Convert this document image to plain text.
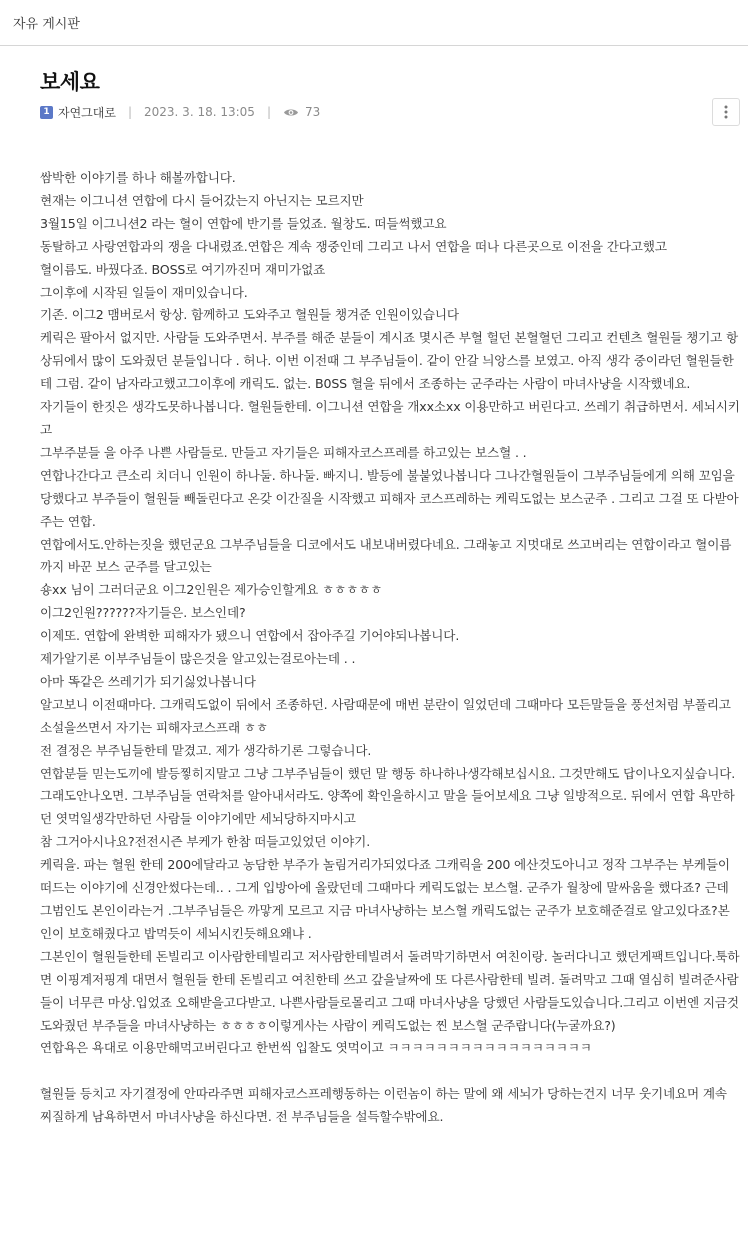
자유 게시판
보세요
1 자연그대로 | 2023. 3. 18. 13:05 |	73

쌈박한 이야기를 하나 해볼까합니다.

현재는 이그니션 연합에 다시 들어갔는지 아닌지는 모르지만

3월15일 이그니션2 라는 혈이 연합에 반기를 들었죠. 월창도. 떠들썩했고요

동탈하고 사랑연합과의 쟁을 다내렸죠.연합은 계속 쟁중인데 그리고 나서 연합을 떠나 다른곳으로 이전을 간다고했고

혈이름도. 바꿨다죠. BOSS로 여기까진머 재미가없죠

그이후에 시작된 일들이 재미있습니다.

기존. 이그2 맴버로서 항상. 함께하고 도와주고 혈원들 챙겨준 인원이있습니다

케릭은 팔아서 없지만. 사람들 도와주면서. 부주를 해준 분들이 계시죠 몇시즌 부혈 헐던 본혈혈던 그리고 컨텐츠 혈원들 챙기고 항상뒤에서 많이 도와줬던 분들입니다 . 허나. 이번 이전때 그 부주님들이. 같이 안갈 늬앙스를 보였고. 아직 생각 중이라던 혈원들한테 그럼. 같이 남자라고했고그이후에 캐릭도. 없는. B0SS 혈을 뒤에서 조종하는 군주라는 사람이 마녀사냥을 시작했네요.

자기들이 한짓은 생각도못하나봅니다. 혈원들한테. 이그니션 연합을 개xx소xx 이용만하고 버린다고. 쓰레기 취급하면서. 세뇌시키고

그부주분들 을 아주 나쁜 사람들로. 만들고 자기들은 피해자코스프레를 하고있는 보스혈 . .

연합나간다고 큰소리 치더니 인원이 하나둘. 하나둘. 빠지니. 발등에 불붙었나봅니다 그나간혈원들이 그부주님들에게 의해 꼬임을 당했다고 부주들이 혈원들 빼돌린다고 온갖 이간질을 시작했고 피해자 코스프레하는 케릭도없는 보스군주 . 그리고 그걸 또 다받아주는 연합.

연합에서도.안하는짓을 했던군요 그부주님들을 디코에서도 내보내버렸다네요. 그래놓고 지멋대로 쓰고버리는 연합이라고 혈이름까지 바꾼 보스 군주를 달고있는

숑xx 님이 그러더군요 이그2인원은 제가승인할게요 ㅎㅎㅎㅎㅎ

이그2인원??????자기들은. 보스인데?

이제또. 연합에 완벽한 피해자가 됐으니 연합에서 잡아주길 기어야되나봅니다.

제가알기론 이부주님들이 많은것을 알고있는걸로아는데 . .

아마 똑같은 쓰레기가 되기싫었나봅니다

알고보니 이전때마다. 그캐릭도없이 뒤에서 조종하던. 사람때문에 매번 분란이 일었던데 그때마다 모든말들을 풍선처럼 부풀리고 소설을쓰면서 자기는 피해자코스프래 ㅎㅎ

전 결정은 부주님들한테 맡겼고. 제가 생각하기론 그렇습니다.

연합분들 믿는도끼에 발등찧히지말고 그냥 그부주님들이 했던 말 행동 하나하나생각해보십시요. 그것만해도 답이나오지싶습니다.

그래도안나오면. 그부주님들 연락처를 알아내서라도. 양쪽에 확인을하시고 말을 들어보세요 그냥 일방적으로. 뒤에서 연합 욕만하던 엿먹일생각만하던 사람들 이야기에만 세뇌당하지마시고

참 그거아시나요?전전시즌 부케가 한참 떠들고있었던 이야기.

케릭을. 파는 혈원 한테 200에달라고 농담한 부주가 놀림거리가되었다죠 그캐릭을 200 에산것도아니고 정작 그부주는 부케들이 떠드는 이야기에 신경안썼다는데.. . 그게 입방아에 올랐던데 그때마다 케릭도없는 보스혈. 군주가 월창에 말싸움을 했다죠? 근데 그범인도 본인이라는거 .그부주님들은 까맣게 모르고 지금 마녀사냥하는 보스혈 캐릭도없는 군주가 보호해준걸로 알고있다죠?본인이 보호해줬다고 밥먹듯이 세뇌시킨듯해요왜냐 .

그본인이 혈원들한테 돈빌리고 이사람한테빌리고 저사람한테빌려서 돌려막기하면서 여친이랑. 놀러다니고 했던게팩트입니다.툭하면 이핑계저핑계 대면서 혈원들 한테 돈빌리고 여친한테 쓰고 갚을날짜에 또 다른사람한테 빌려. 돌려막고 그때 열심히 빌려준사람들이 너무큰 마상.입었죠 오해받을고다받고. 나쁜사람들로몰리고 그때 마녀사냥을 당했던 사람들도있습니다.그리고 이번엔 지금것 도와줬던 부주들을 마녀사냥하는 ㅎㅎㅎㅎ이렇게사는 사람이 케릭도없는 찐 보스혈 군주랍니다(누굴까요?)

연합욕은 욕대로 이용만해먹고버린다고 한번씩 입찰도 엿먹이고 ㅋㅋㅋㅋㅋㅋㅋㅋㅋㅋㅋㅋㅋㅋㅋㅋㅋ

혈원들 등치고 자기결정에 안따라주면 피해자코스프레행동하는 이런놈이 하는 말에 왜 세뇌가 당하는건지 너무 웃기네요머 계속 찌질하게 남욕하면서 마녀사냥을 하신다면. 전 부주님들을 설득할수밖에요.
